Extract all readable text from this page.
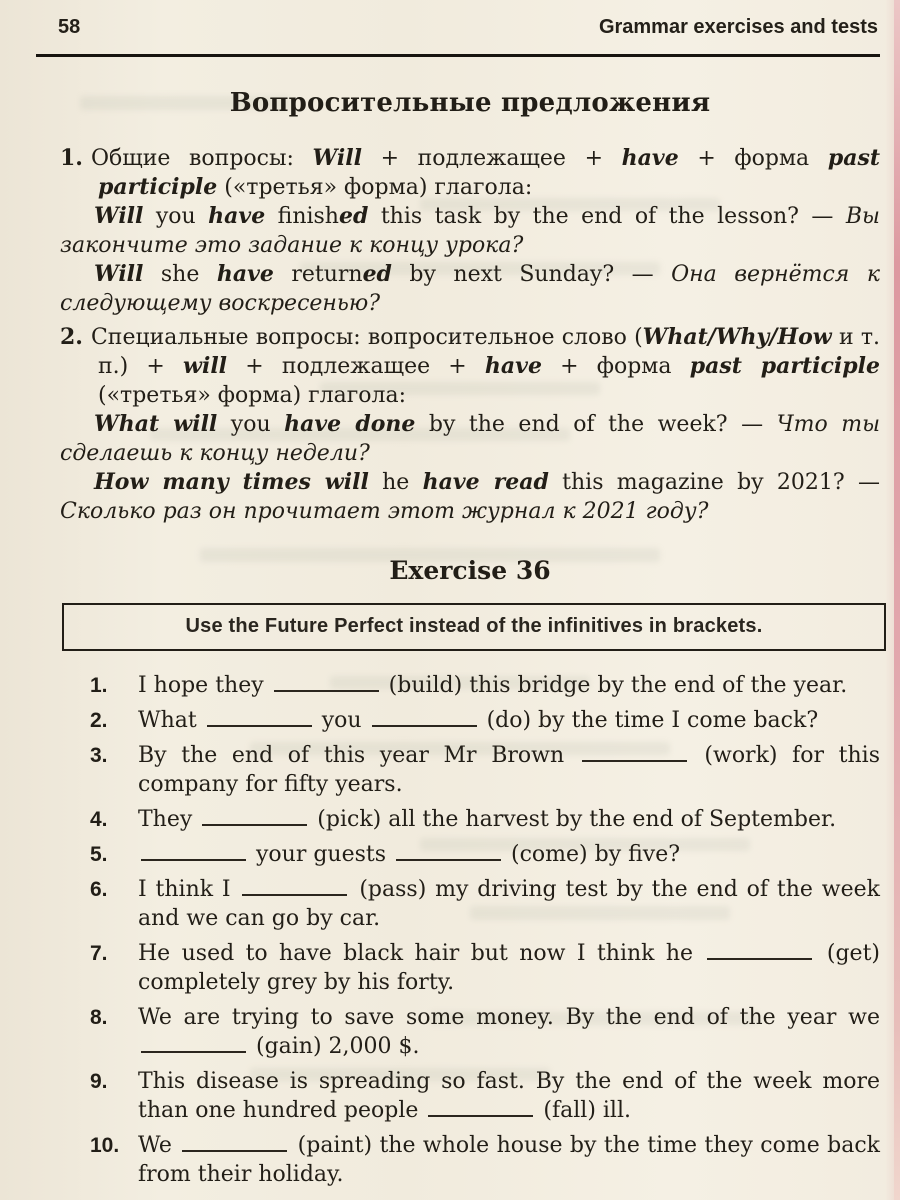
58	Grammar exercises and tests
Вопросительные предложения

1. Общие вопросы: Will + подлежащее + have + форма past participle («третья» форма) глагола:

Will you have finished this task by the end of the lesson? — Вы закончите это задание к концу урока?

Will she have returned by next Sunday? — Она вернётся к следующему воскресенью?

2. Специальные вопросы: вопросительное слово (What/Why/How и т. п.) + will + подлежащее + have + форма past participle («третья» форма) глагола:

What will you have done by the end of the week? — Что ты сделаешь к концу недели?

How many times will he have read this magazine by 2021? — Сколько раз он прочитает этот журнал к 2021 году?

Exercise 36
Use the Future Perfect instead of the infinitives in brackets.
1.	I hope they	(build) this bridge by the end of the year.
2.	What	you	(do) by the time I come back?
3.	By the end of this year Mr Brown	(work) for this company for fifty years.
4.	They	(pick) all the harvest by the end of September.
5.	your guests	(come) by five?
6.	I think I	(pass) my driving test by the end of the week and we can go by car.
7.	He used to have black hair but now I think he	(get) completely grey by his forty.
8.	We are trying to save some money. By the end of the year we  (gain) 2,000 $.
9.	This disease is spreading so fast. By the end of the week more than one hundred people	(fall) ill.
10. We	(paint) the whole house by the time they come back from their holiday.
